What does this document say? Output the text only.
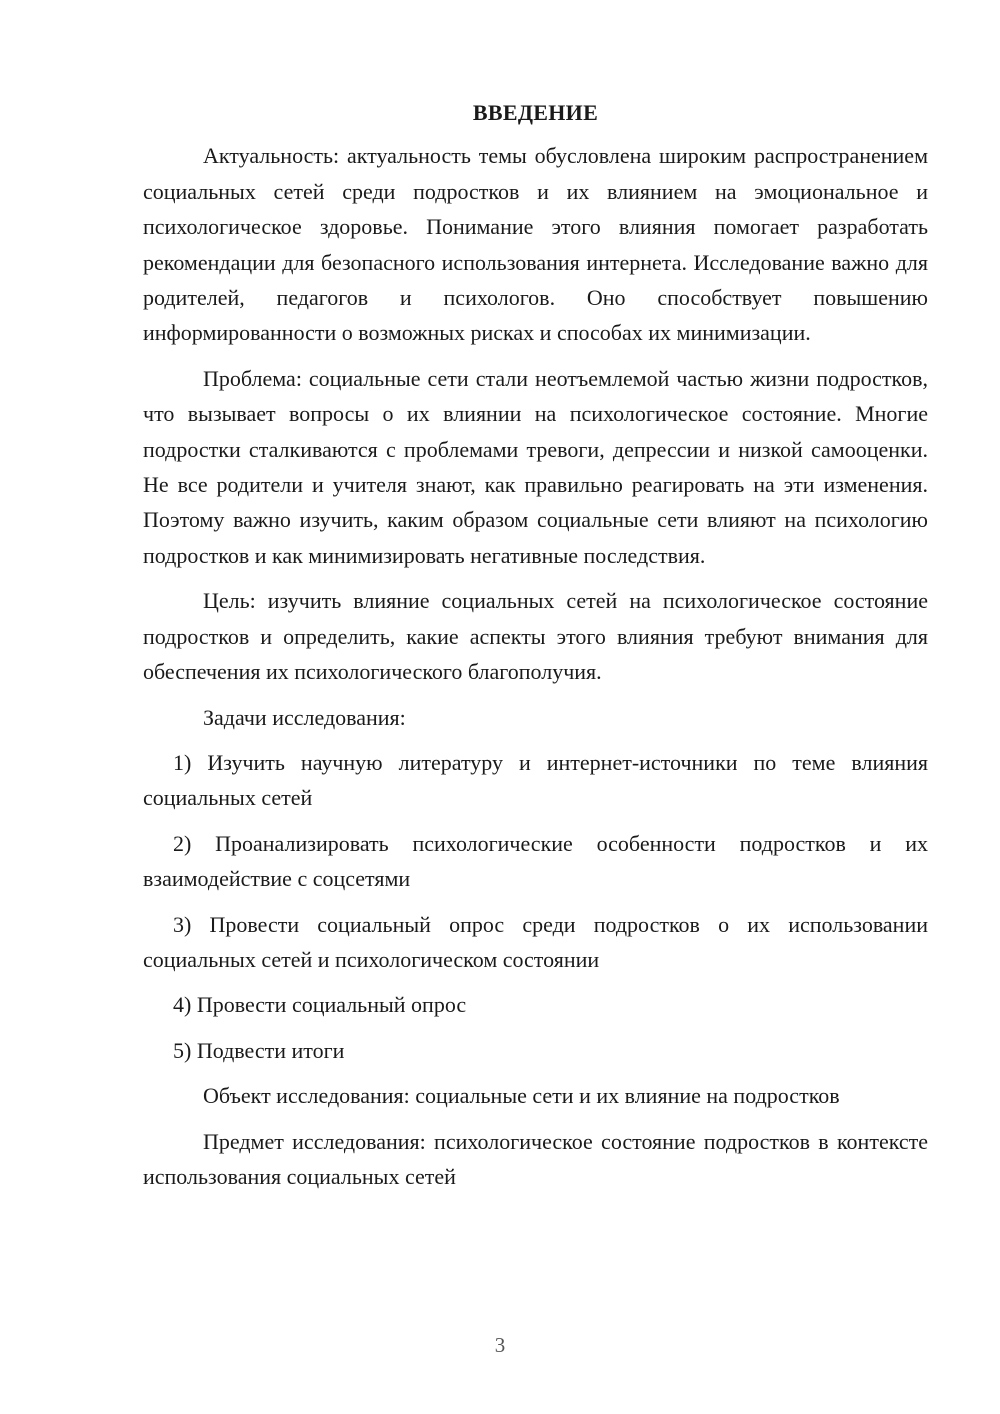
ВВЕДЕНИЕ

Актуальность: актуальность темы обусловлена широким распространением социальных сетей среди подростков и их влиянием на эмоциональное и психологическое здоровье. Понимание этого влияния помогает разработать рекомендации для безопасного использования интернета. Исследование важно для родителей, педагогов и психологов. Оно способствует повышению информированности о возможных рисках и способах их минимизации.

Проблема: социальные сети стали неотъемлемой частью жизни подростков, что вызывает вопросы о их влиянии на психологическое состояние. Многие подростки сталкиваются с проблемами тревоги, депрессии и низкой самооценки. Не все родители и учителя знают, как правильно реагировать на эти изменения. Поэтому важно изучить, каким образом социальные сети влияют на психологию подростков и как минимизировать негативные последствия.

Цель: изучить влияние социальных сетей на психологическое состояние подростков и определить, какие аспекты этого влияния требуют внимания для обеспечения их психологического благополучия.

Задачи исследования:

1) Изучить научную литературу и интернет-источники по теме влияния социальных сетей

2) Проанализировать психологические особенности подростков и их взаимодействие с соцсетями

3) Провести социальный опрос среди подростков о их использовании социальных сетей и психологическом состоянии

4) Провести социальный опрос

5) Подвести итоги

Объект исследования: социальные сети и их влияние на подростков

Предмет исследования: психологическое состояние подростков в контексте использования социальных сетей

3
